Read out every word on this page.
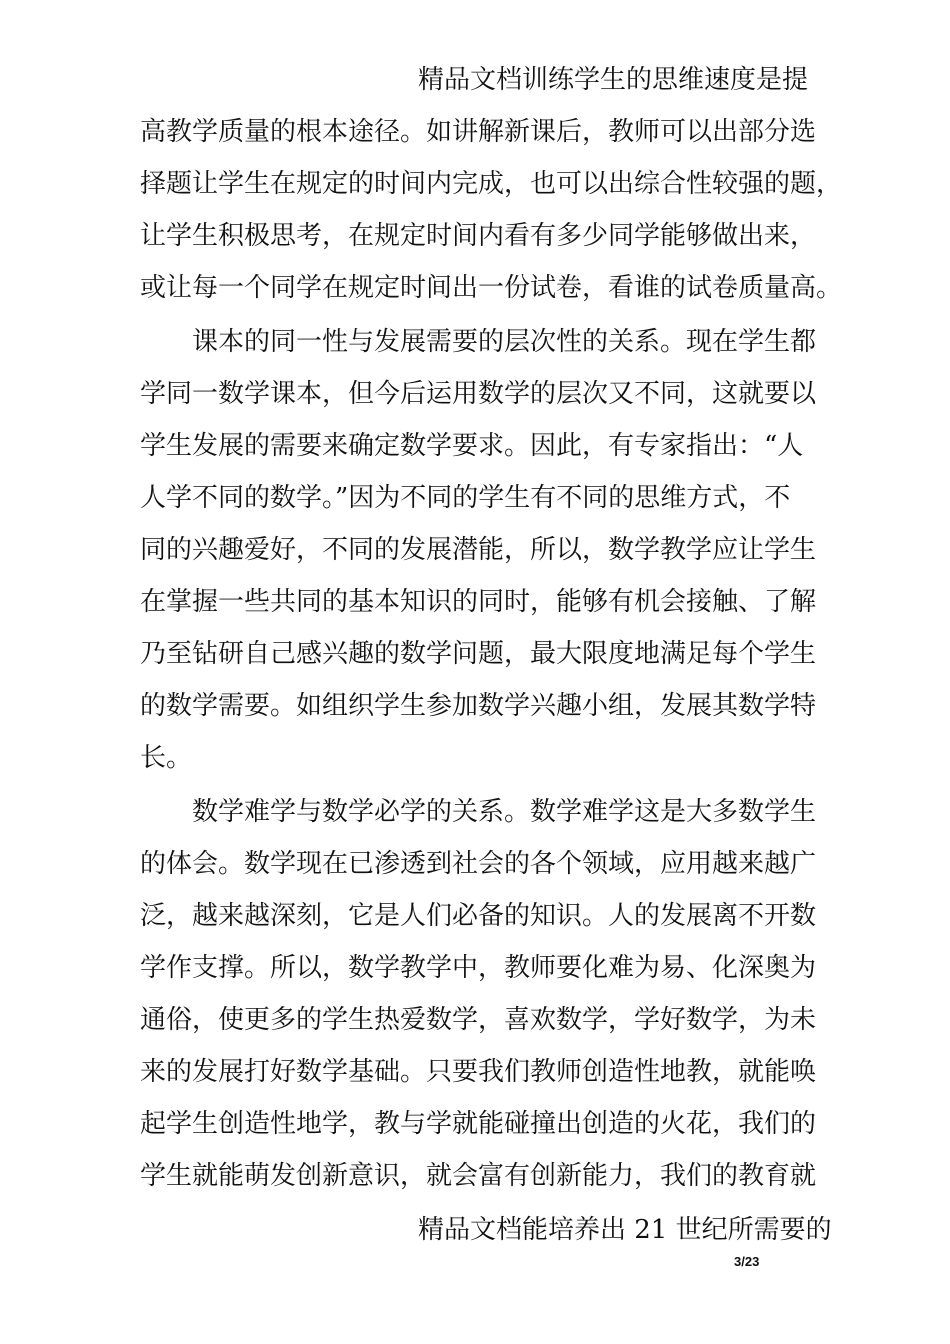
精品文档训练学生的思维速度是提
高教学质量的根本途径。如讲解新课后，教师可以出部分选
择题让学生在规定的时间内完成，也可以出综合性较强的题，
让学生积极思考，在规定时间内看有多少同学能够做出来，
或让每一个同学在规定时间出一份试卷，看谁的试卷质量高。
课本的同一性与发展需要的层次性的关系。现在学生都
学同一数学课本，但今后运用数学的层次又不同，这就要以
学生发展的需要来确定数学要求。因此，有专家指出：“人
人学不同的数学。”因为不同的学生有不同的思维方式，不
同的兴趣爱好，不同的发展潜能，所以，数学教学应让学生
在掌握一些共同的基本知识的同时，能够有机会接触、了解
乃至钻研自己感兴趣的数学问题，最大限度地满足每个学生
的数学需要。如组织学生参加数学兴趣小组，发展其数学特
长。
数学难学与数学必学的关系。数学难学这是大多数学生
的体会。数学现在已渗透到社会的各个领域，应用越来越广
泛，越来越深刻，它是人们必备的知识。人的发展离不开数
学作支撑。所以，数学教学中，教师要化难为易、化深奥为
通俗，使更多的学生热爱数学，喜欢数学，学好数学，为未
来的发展打好数学基础。只要我们教师创造性地教，就能唤
起学生创造性地学，教与学就能碰撞出创造的火花，我们的
学生就能萌发创新意识，就会富有创新能力，我们的教育就
精品文档能培养出 21 世纪所需要的
3/23
